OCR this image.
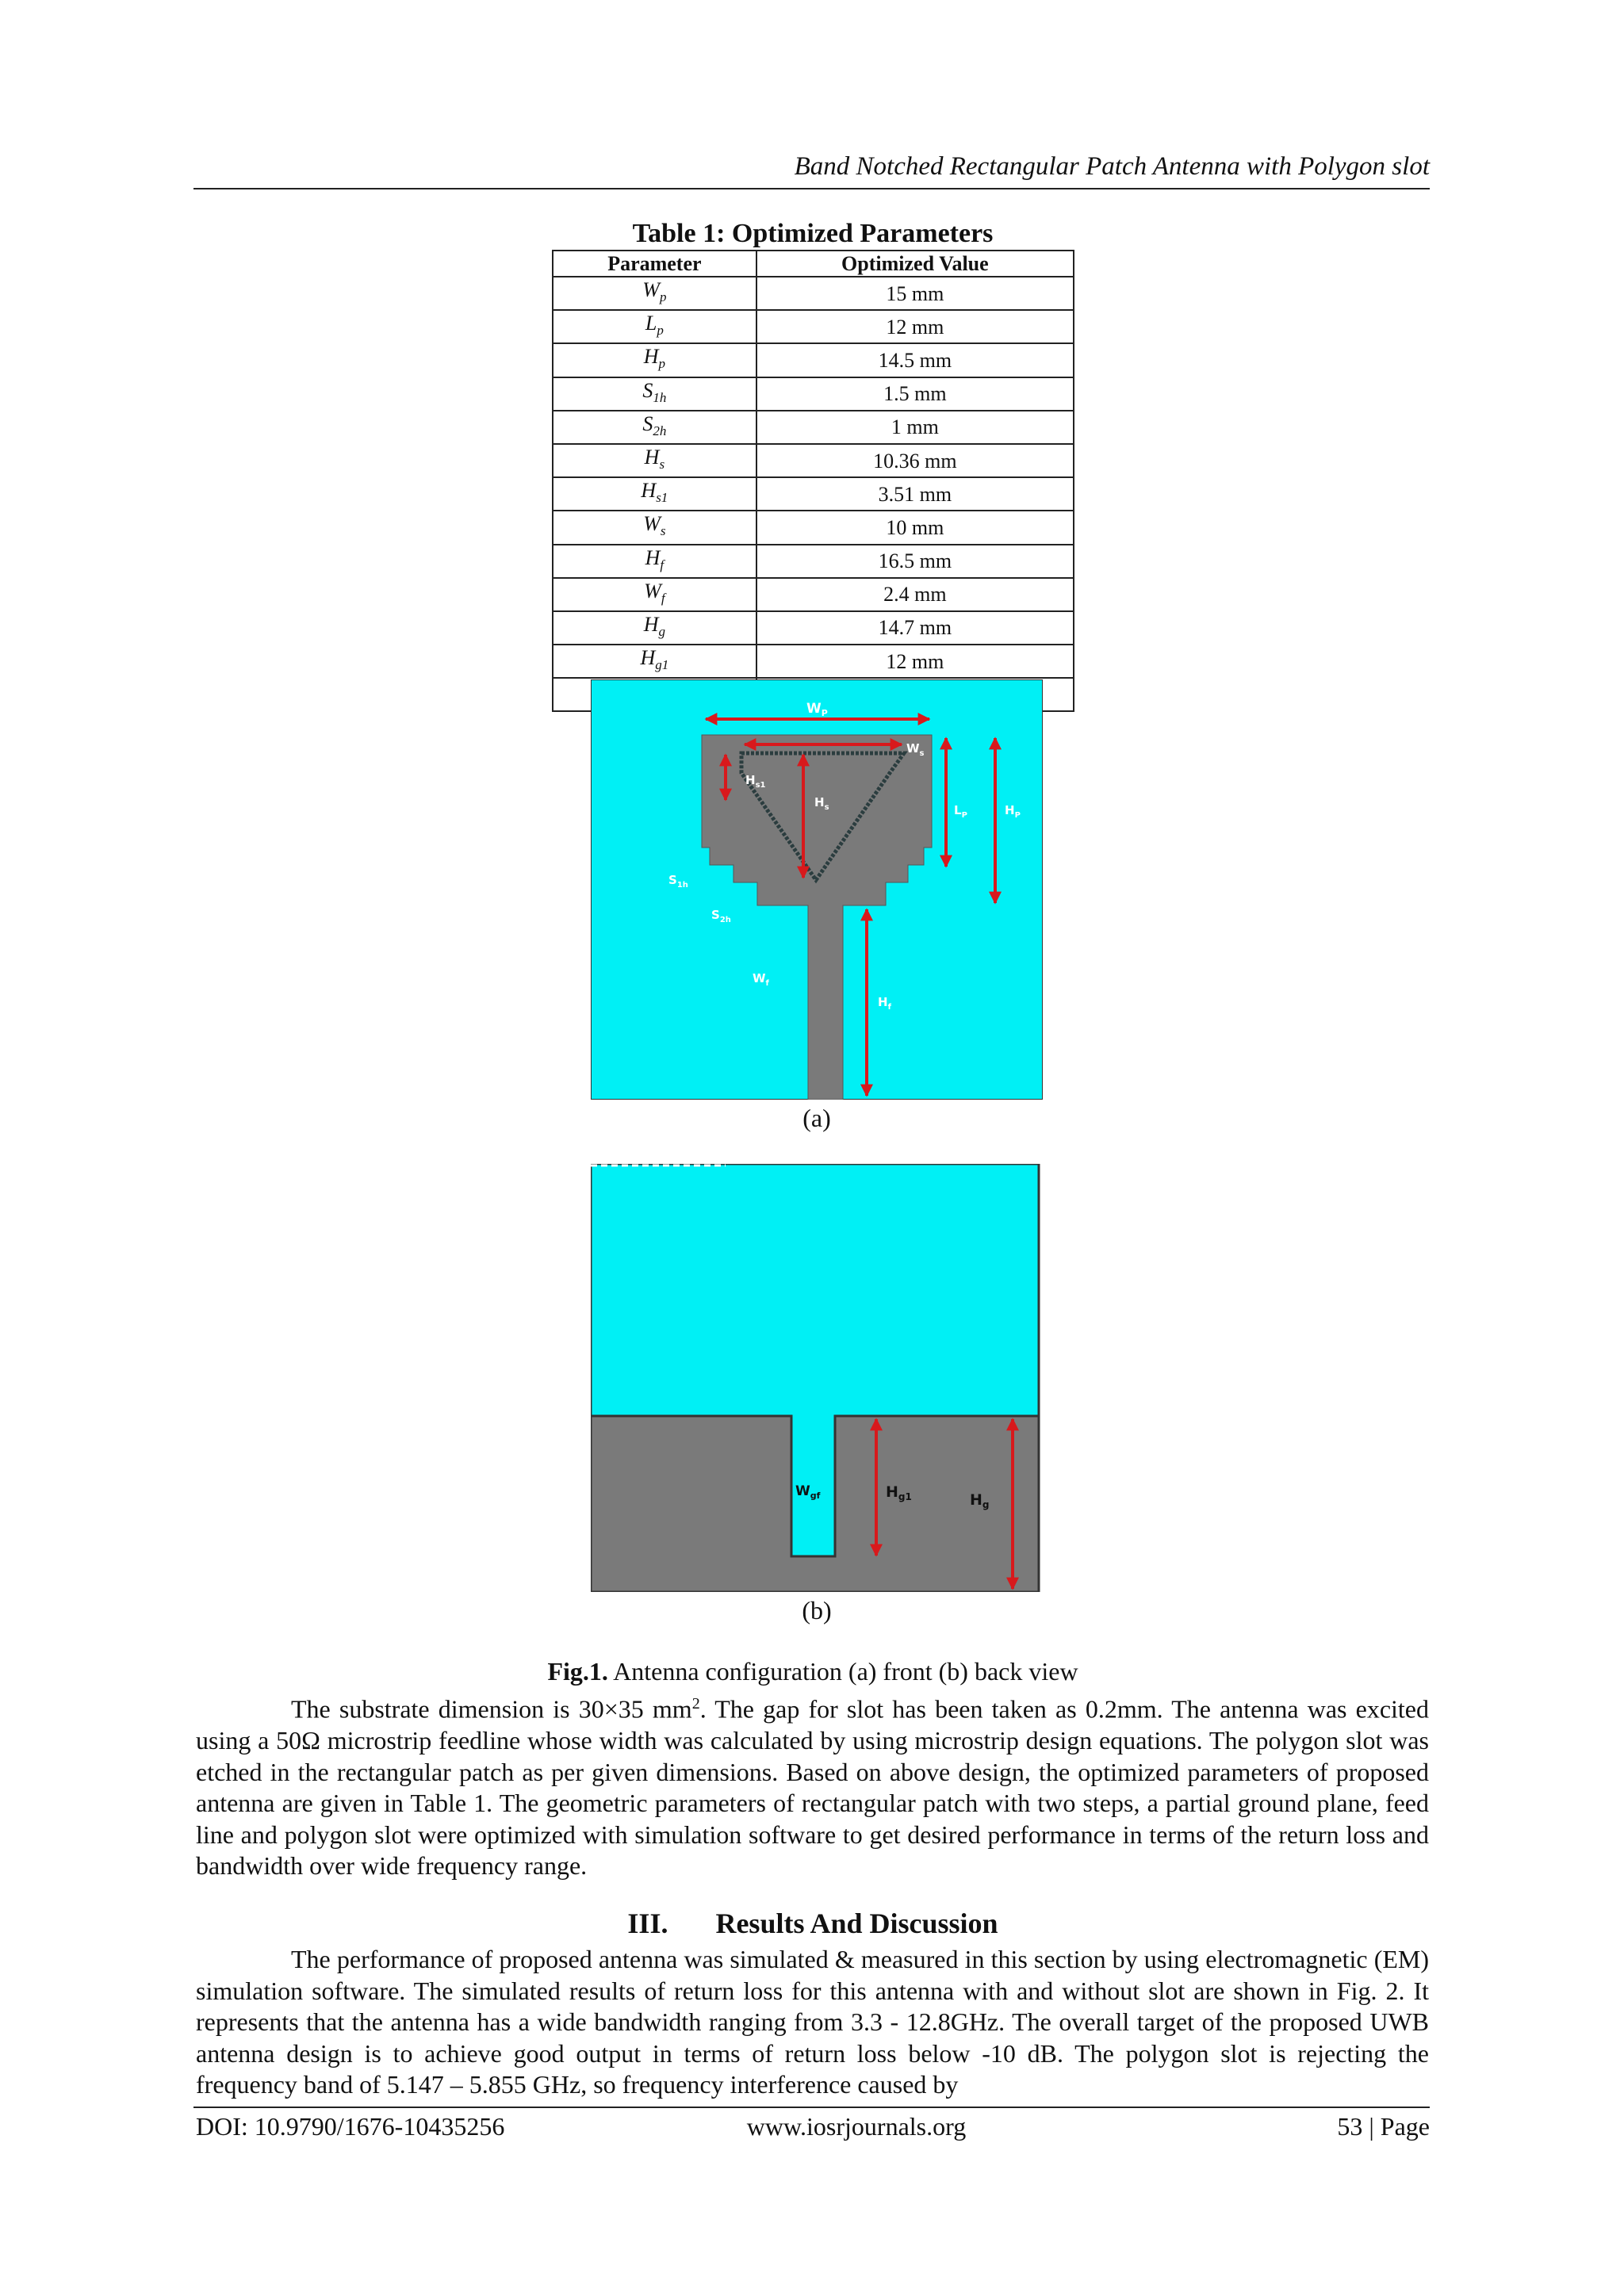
Band Notched Rectangular Patch Antenna with Polygon slot
Table 1: Optimized Parameters
Parameter	Optimized Value
$W_p$	15 mm
$L_p$	12 mm
$H_p$	14.5 mm
$S_{1h}$	1.5 mm
$S_{2h}$	1 mm
$H_s$	10.36 mm
$H_{s1}$	3.51 mm
$W_s$	10 mm
$H_f$	16.5 mm
$W_f$	2.4 mm
$H_g$	14.7 mm
$H_{g1}$	12 mm

$W_P$
$W_s$
$H_{s1}$
$H_s$	$L_P$	$H_P$
$S_{1h}$
$S_{2h}$
$W_f$
$H_f$
(a)
$W_{gf}$	$H_{g1}$	$H_g$
(b)
Fig.1. Antenna configuration (a) front (b) back view
The substrate dimension is 30×35 $mm^2$. The gap for slot has been taken as 0.2mm. The antenna was excited using a 50Ω microstrip feedline whose width was calculated by using microstrip design equations. The polygon slot was etched in the rectangular patch as per given dimensions. Based on above design, the optimized parameters of proposed antenna are given in Table 1. The geometric parameters of rectangular patch with two steps, a partial ground plane, feed line and polygon slot were optimized with simulation software to get desired performance in terms of the return loss and bandwidth over wide frequency range.
III. Results And Discussion
The performance of proposed antenna was simulated & measured in this section by using electromagnetic (EM) simulation software. The simulated results of return loss for this antenna with and without slot are shown in Fig. 2. It represents that the antenna has a wide bandwidth ranging from 3.3 - 12.8GHz. The overall target of the proposed UWB antenna design is to achieve good output in terms of return loss below -10 dB. The polygon slot is rejecting the frequency band of 5.147 – 5.855 GHz, so frequency interference caused by
DOI: 10.9790/1676-10435256	www.iosrjournals.org	53 | Page
